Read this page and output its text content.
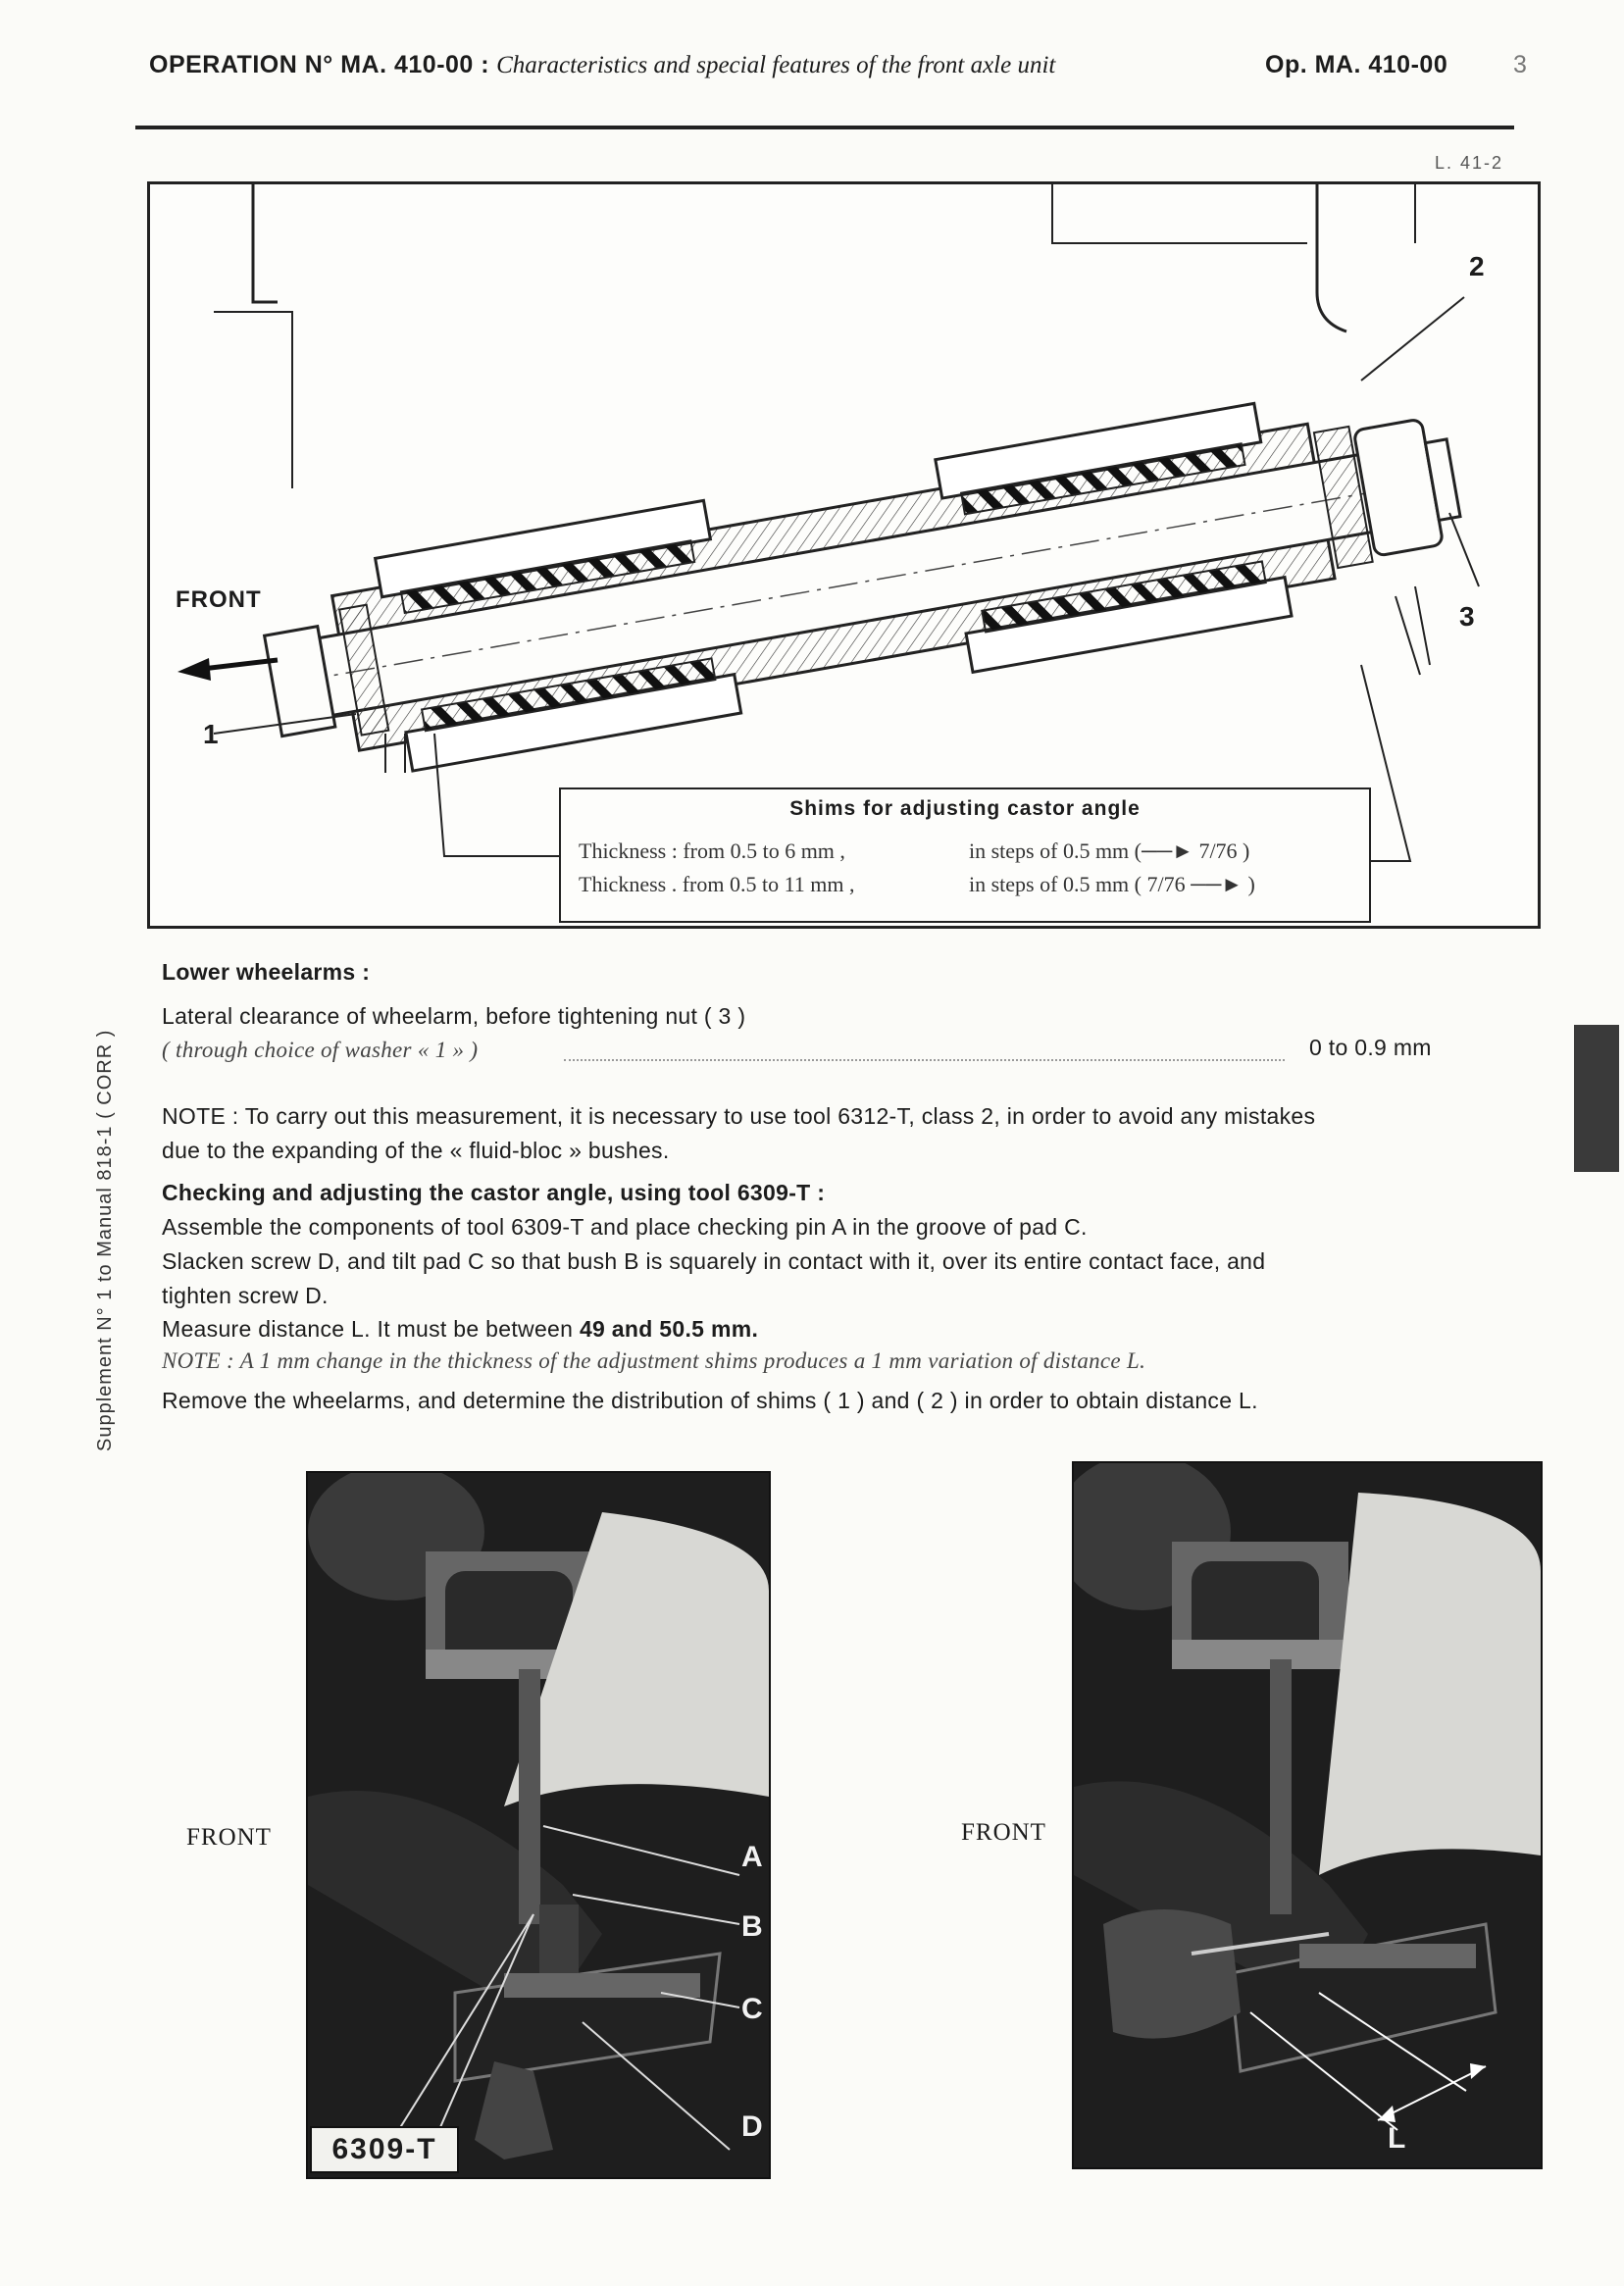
OPERATION N° MA. 410-00 : Characteristics and special features of the front axle unit	Op. MA. 410-00	3
L. 41-2
FRONT
1
2
3
Shims for adjusting castor angle
Thickness : from 0.5 to 6 mm ,	in steps of 0.5 mm (──► 7/76 )
Thickness . from 0.5 to 11 mm ,	in steps of 0.5 mm ( 7/76 ──► )
Supplement N° 1 to Manual 818-1 ( CORR )
Lower wheelarms :
Lateral clearance of wheelarm, before tightening nut ( 3 )
( through choice of washer « 1 » )	0 to 0.9 mm
NOTE : To carry out this measurement, it is necessary to use tool 6312-T, class 2, in order to avoid any mistakes
due to the expanding of the « fluid-bloc » bushes.
Checking and adjusting the castor angle, using tool 6309-T :
Assemble the components of tool 6309-T and place checking pin A in the groove of pad C.
Slacken screw D, and tilt pad C so that bush B is squarely in contact with it, over its entire contact face, and
tighten screw D.
Measure distance L. It must be between 49 and 50.5 mm.
NOTE : A 1 mm change in the thickness of the adjustment shims produces a 1 mm variation of distance L.
Remove the wheelarms, and determine the distribution of shims ( 1 ) and ( 2 ) in order to obtain distance L.
FRONT
A
B
C
D
6309-T
FRONT
L
